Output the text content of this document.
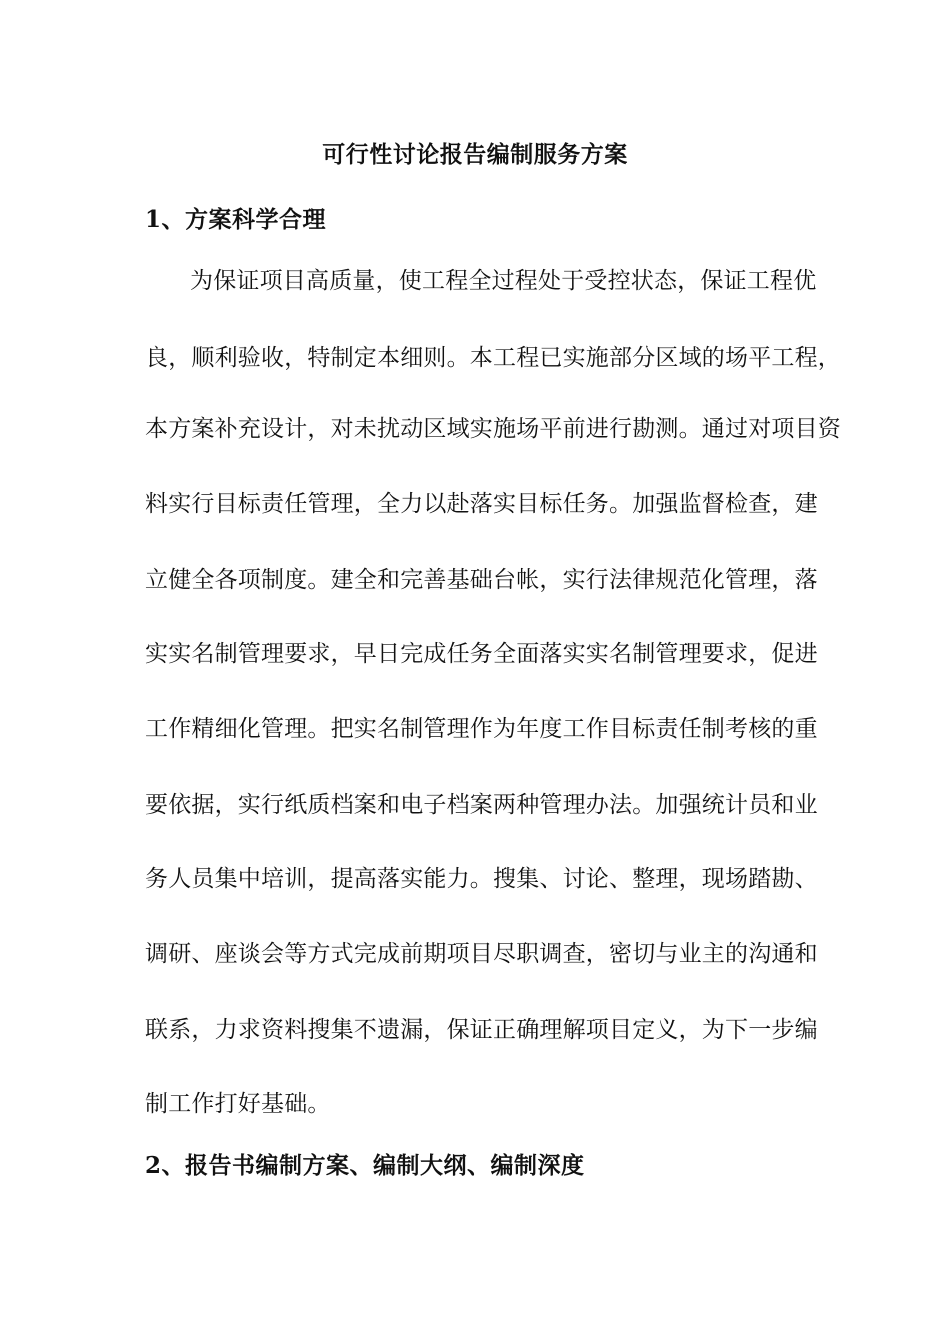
可行性讨论报告编制服务方案
1、方案科学合理
为保证项目高质量，使工程全过程处于受控状态，保证工程优
良，顺利验收，特制定本细则。本工程已实施部分区域的场平工程，
本方案补充设计，对未扰动区域实施场平前进行勘测。通过对项目资
料实行目标责任管理，全力以赴落实目标任务。加强监督检查，建
立健全各项制度。建全和完善基础台帐，实行法律规范化管理，落
实实名制管理要求，早日完成任务全面落实实名制管理要求，促进
工作精细化管理。把实名制管理作为年度工作目标责任制考核的重
要依据，实行纸质档案和电子档案两种管理办法。加强统计员和业
务人员集中培训，提高落实能力。搜集、讨论、整理，现场踏勘、
调研、座谈会等方式完成前期项目尽职调查，密切与业主的沟通和
联系，力求资料搜集不遗漏，保证正确理解项目定义，为下一步编
制工作打好基础。
2、报告书编制方案、编制大纲、编制深度
